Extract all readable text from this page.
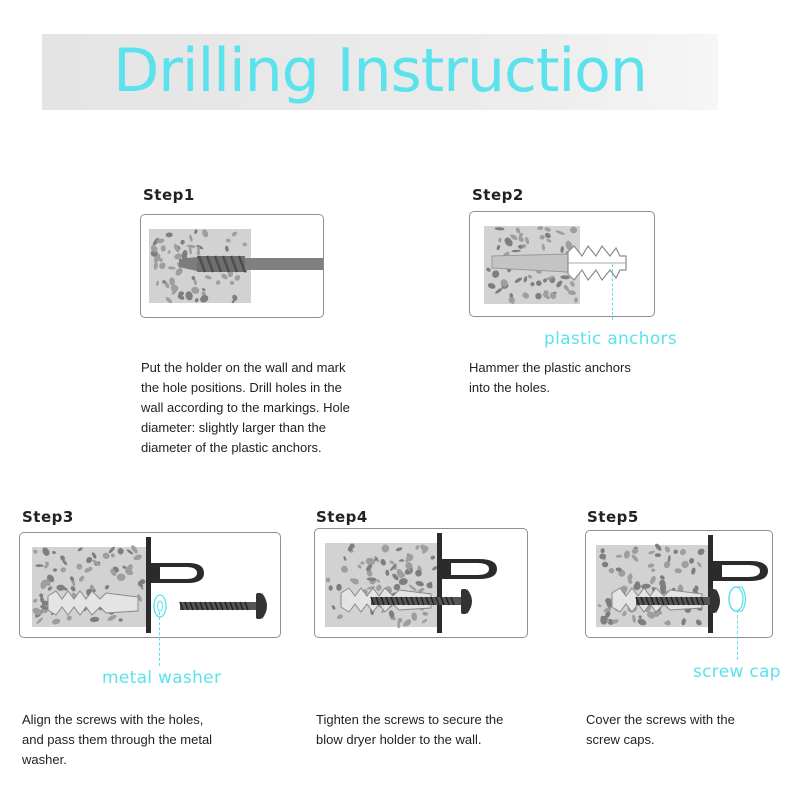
Drilling Instruction
Step1
Put the holder on the wall and mark
the hole positions. Drill holes in the
wall according to the markings. Hole
diameter: slightly larger than the
diameter of the plastic anchors.
Step2
plastic anchors
Hammer the plastic anchors
into the holes.
Step3
metal washer
Align the screws with the holes,
and pass them through the metal
washer.
Step4
Tighten the screws to secure the
blow dryer holder to the wall.
Step5
screw cap
Cover the screws with the
screw caps.
